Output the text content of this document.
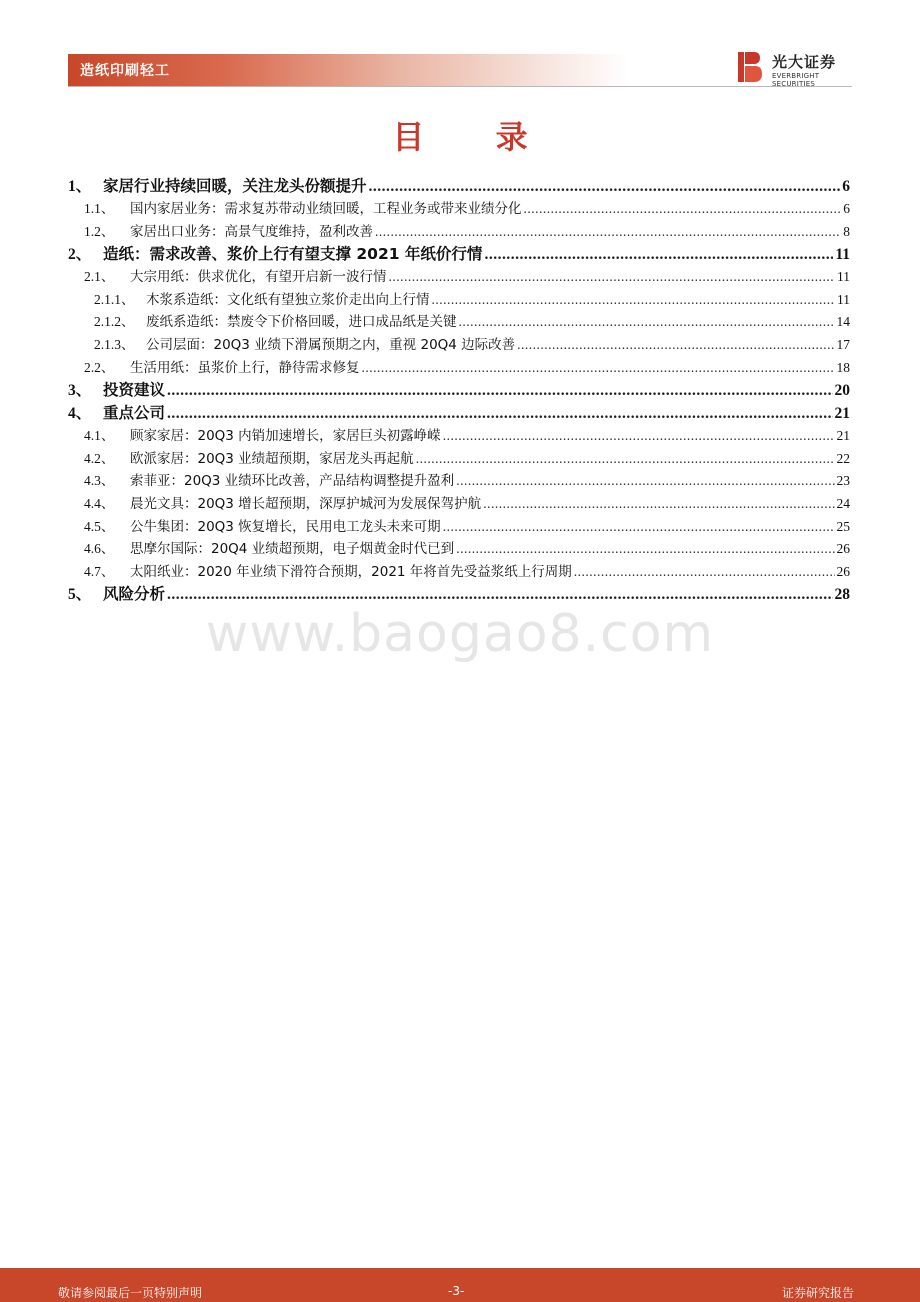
造纸印刷轻工	光大证券
EVERBRIGHT SECURITIES
目 录
1、 家居行业持续回暖，关注龙头份额提升 .....	6
1.1、	国内家居业务：需求复苏带动业绩回暖，工程业务或带来业绩分化 .....	6
1.2、	家居出口业务：高景气度维持，盈利改善 .....	8
2、 造纸：需求改善、浆价上行有望支撑 2021 年纸价行情 .....	11
2.1、	大宗用纸：供求优化，有望开启新一波行情 .....	11
2.1.1、 木浆系造纸：文化纸有望独立浆价走出向上行情 .....	11
2.1.2、 废纸系造纸：禁废令下价格回暖，进口成品纸是关键 .....	14
2.1.3、 公司层面：20Q3 业绩下滑属预期之内，重视 20Q4 边际改善 .....	17
2.2、	生活用纸：虽浆价上行，静待需求修复 .....	18
3、 投资建议 .....	20
4、 重点公司 .....	21
4.1、	顾家家居：20Q3 内销加速增长，家居巨头初露峥嵘 .....	21
4.2、	欧派家居：20Q3 业绩超预期，家居龙头再起航 .....	22
4.3、	索菲亚：20Q3 业绩环比改善，产品结构调整提升盈利 .....	23
4.4、	晨光文具：20Q3 增长超预期，深厚护城河为发展保驾护航 .....	24
4.5、	公牛集团：20Q3 恢复增长，民用电工龙头未来可期 .....	25
4.6、	思摩尔国际：20Q4 业绩超预期，电子烟黄金时代已到 .....	26
4.7、	太阳纸业：2020 年业绩下滑符合预期，2021 年将首先受益浆纸上行周期 .....	26
5、 风险分析 .....	28
www.baogao8.com
敬请参阅最后一页特别声明	-3-	证券研究报告
